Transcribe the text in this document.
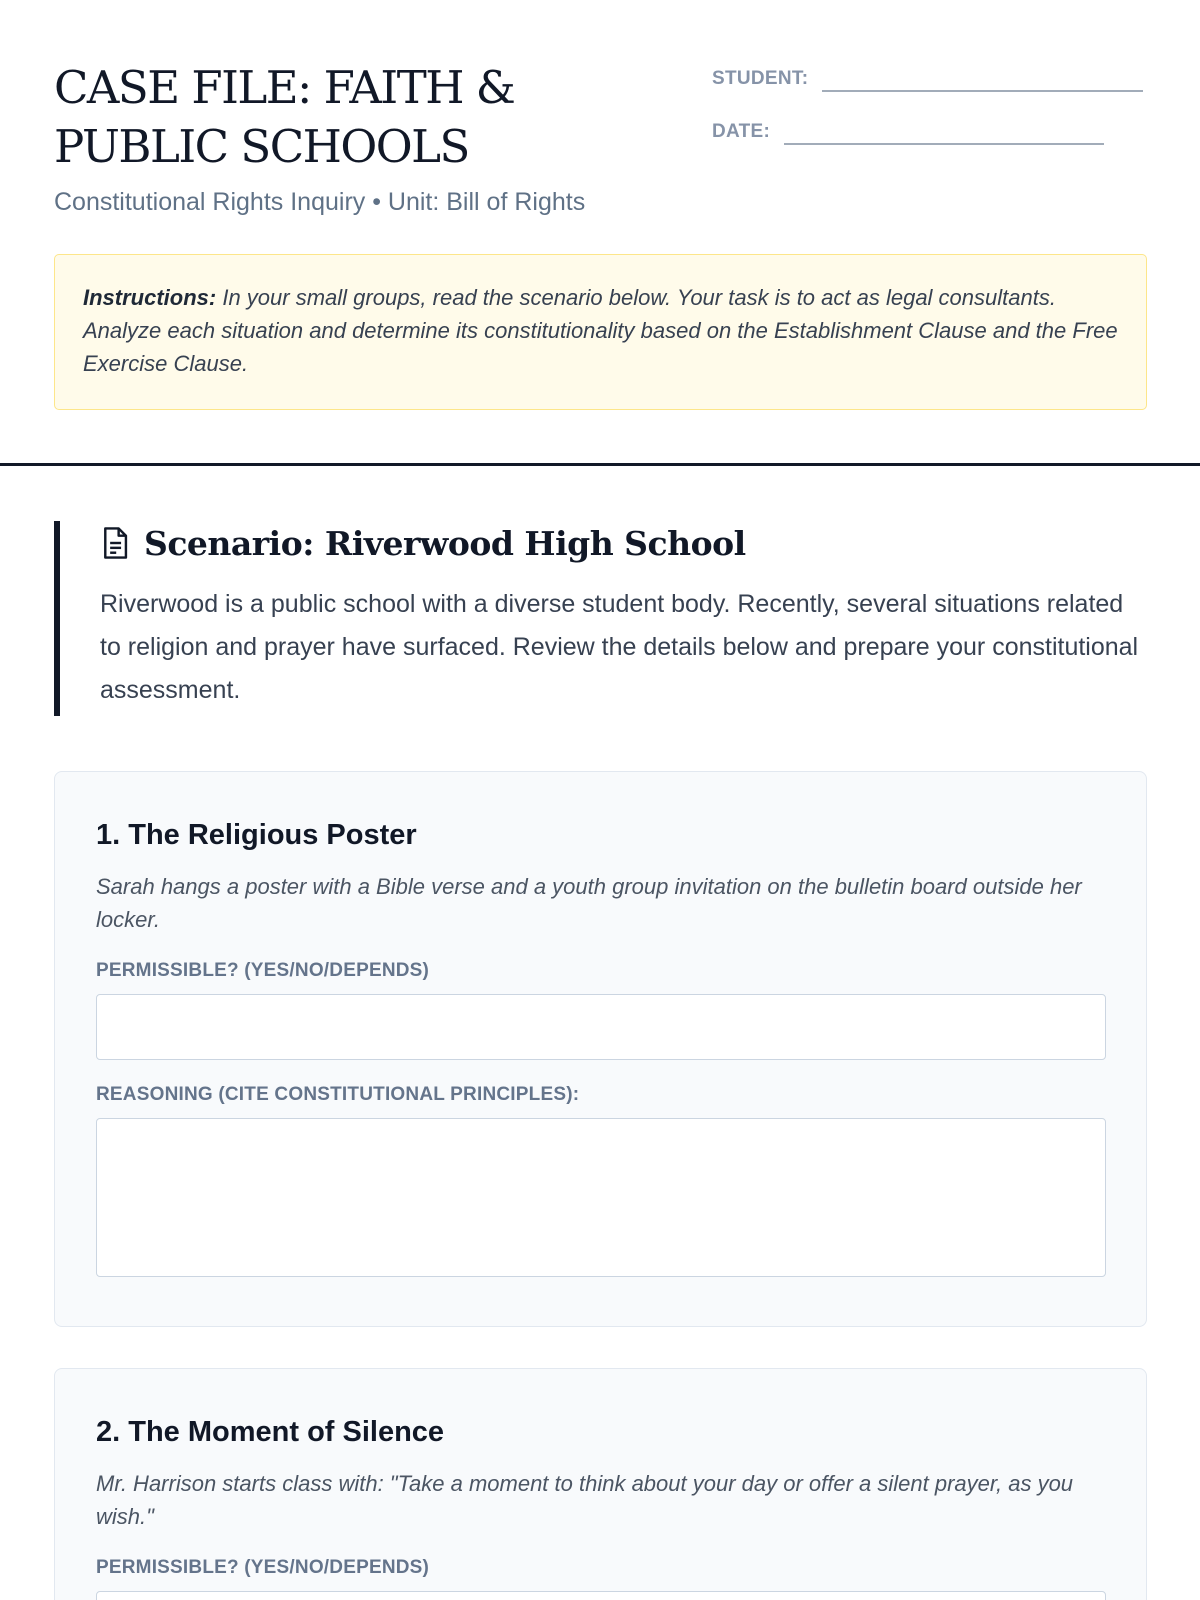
CASE FILE: FAITH & PUBLIC SCHOOLS
Constitutional Rights Inquiry • Unit: Bill of Rights
STUDENT:
DATE:
Instructions: In your small groups, read the scenario below. Your task is to act as legal consultants. Analyze each situation and determine its constitutionality based on the Establishment Clause and the Free Exercise Clause.
Scenario: Riverwood High School

Riverwood is a public school with a diverse student body. Recently, several situations related to religion and prayer have surfaced. Review the details below and prepare your constitutional assessment.

1. The Religious Poster

Sarah hangs a poster with a Bible verse and a youth group invitation on the bulletin board outside her locker.

PERMISSIBLE? (YES/NO/DEPENDS)
REASONING (CITE CONSTITUTIONAL PRINCIPLES):
2. The Moment of Silence

Mr. Harrison starts class with: "Take a moment to think about your day or offer a silent prayer, as you wish."

PERMISSIBLE? (YES/NO/DEPENDS)
